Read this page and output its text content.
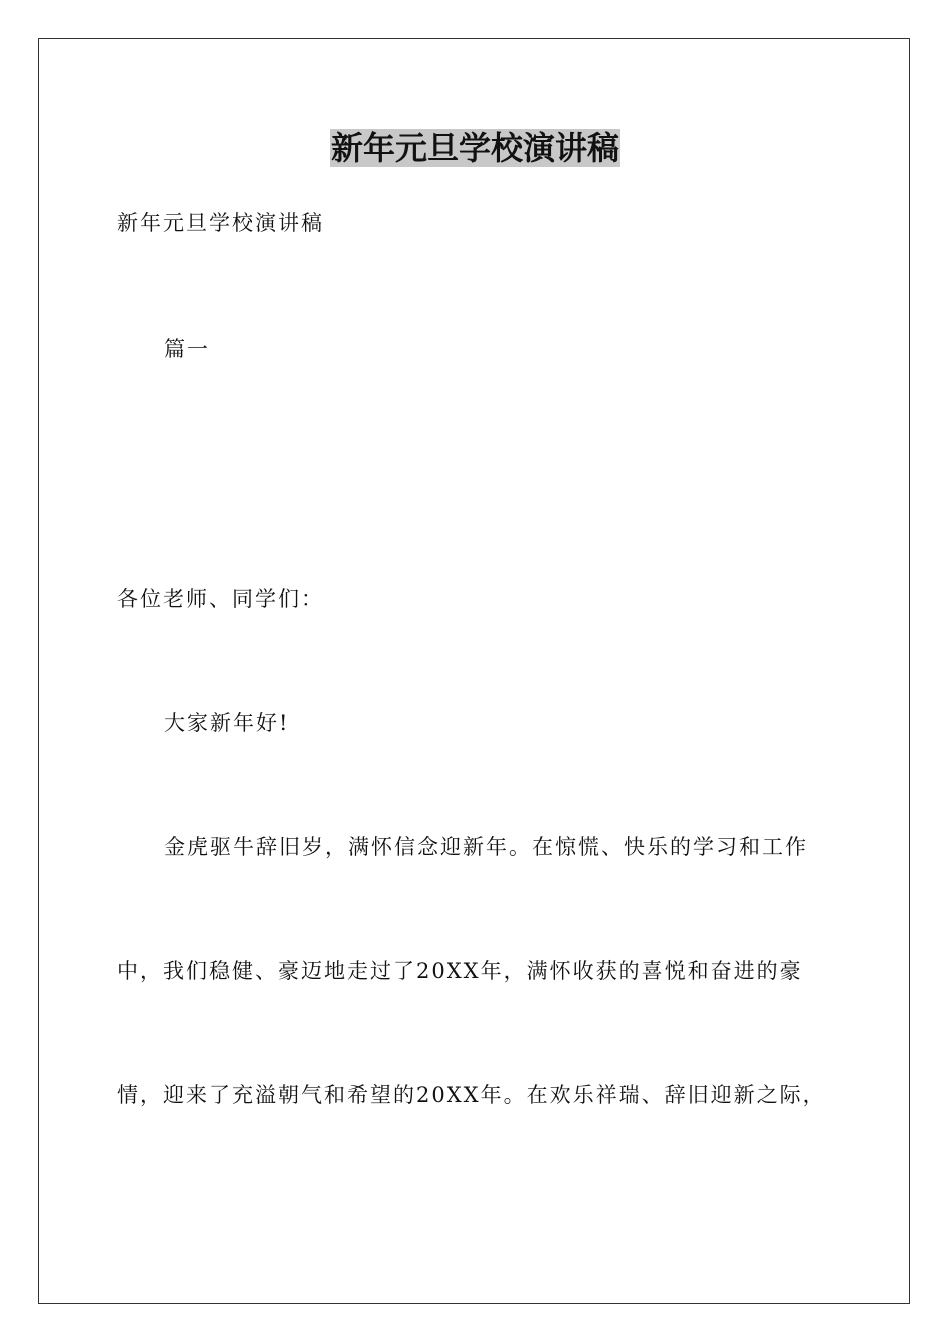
新年元旦学校演讲稿

新年元旦学校演讲稿

篇一

各位老师、同学们：

大家新年好!

金虎驱牛辞旧岁，满怀信念迎新年。在惊慌、快乐的学习和工作

中，我们稳健、豪迈地走过了20XX年，满怀收获的喜悦和奋进的豪

情，迎来了充溢朝气和希望的20XX年。在欢乐祥瑞、辞旧迎新之际，
